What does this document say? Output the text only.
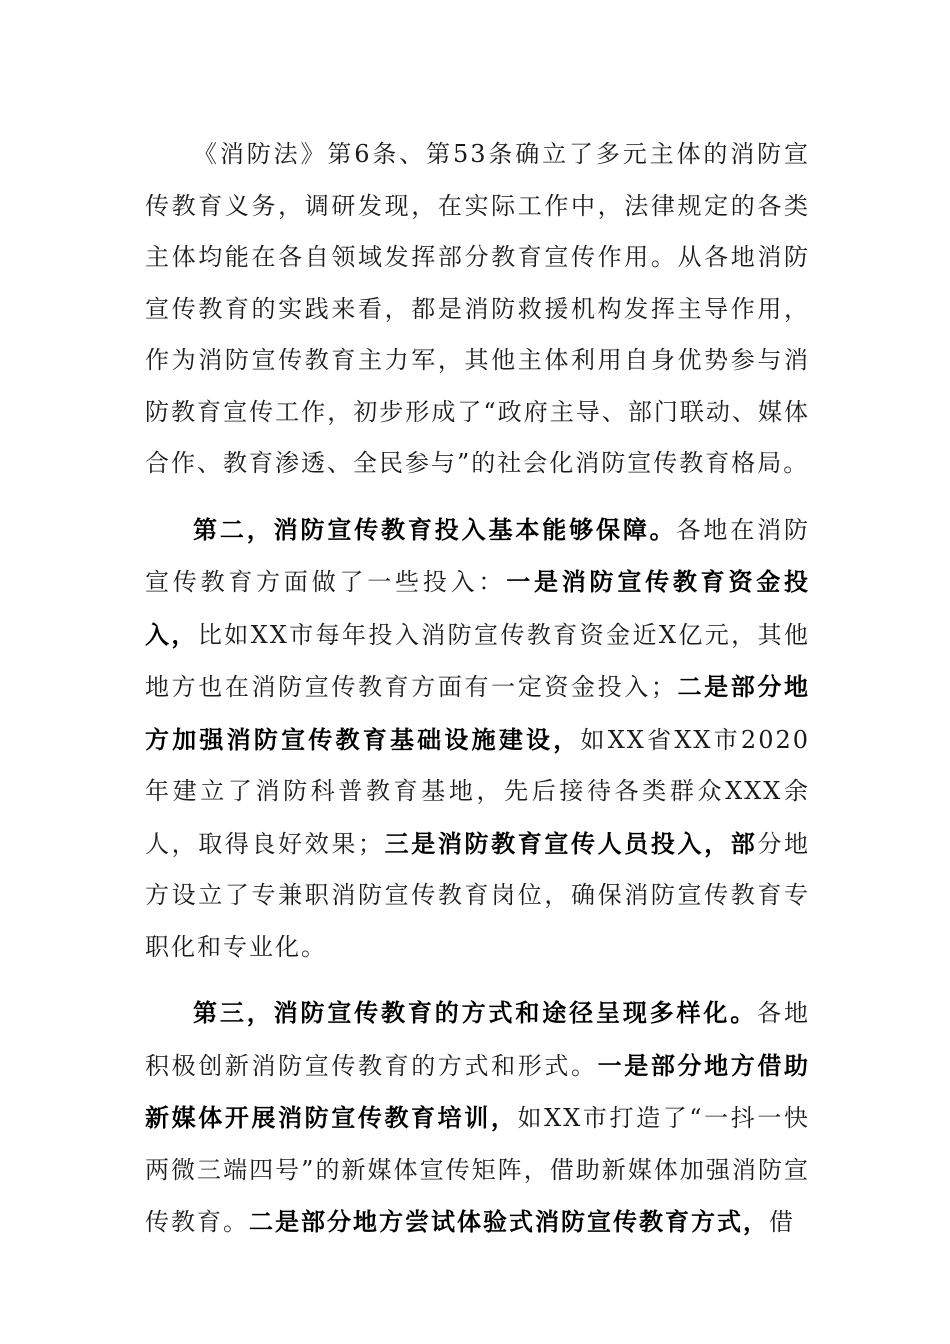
《消防法》第6条、第53条确立了多元主体的消防宣传教育义务，调研发现，在实际工作中，法律规定的各类主体均能在各自领域发挥部分教育宣传作用。从各地消防宣传教育的实践来看，都是消防救援机构发挥主导作用，作为消防宣传教育主力军，其他主体利用自身优势参与消防教育宣传工作，初步形成了“政府主导、部门联动、媒体合作、教育渗透、全民参与”的社会化消防宣传教育格局。

第二，消防宣传教育投入基本能够保障。各地在消防宣传教育方面做了一些投入：一是消防宣传教育资金投入，比如XX市每年投入消防宣传教育资金近X亿元，其他地方也在消防宣传教育方面有一定资金投入；二是部分地方加强消防宣传教育基础设施建设，如XX省XX市2020年建立了消防科普教育基地，先后接待各类群众XXX余人，取得良好效果；三是消防教育宣传人员投入，部分地方设立了专兼职消防宣传教育岗位，确保消防宣传教育专职化和专业化。

第三，消防宣传教育的方式和途径呈现多样化。各地积极创新消防宣传教育的方式和形式。一是部分地方借助新媒体开展消防宣传教育培训，如XX市打造了“一抖一快两微三端四号”的新媒体宣传矩阵，借助新媒体加强消防宣传教育。二是部分地方尝试体验式消防宣传教育方式，借
